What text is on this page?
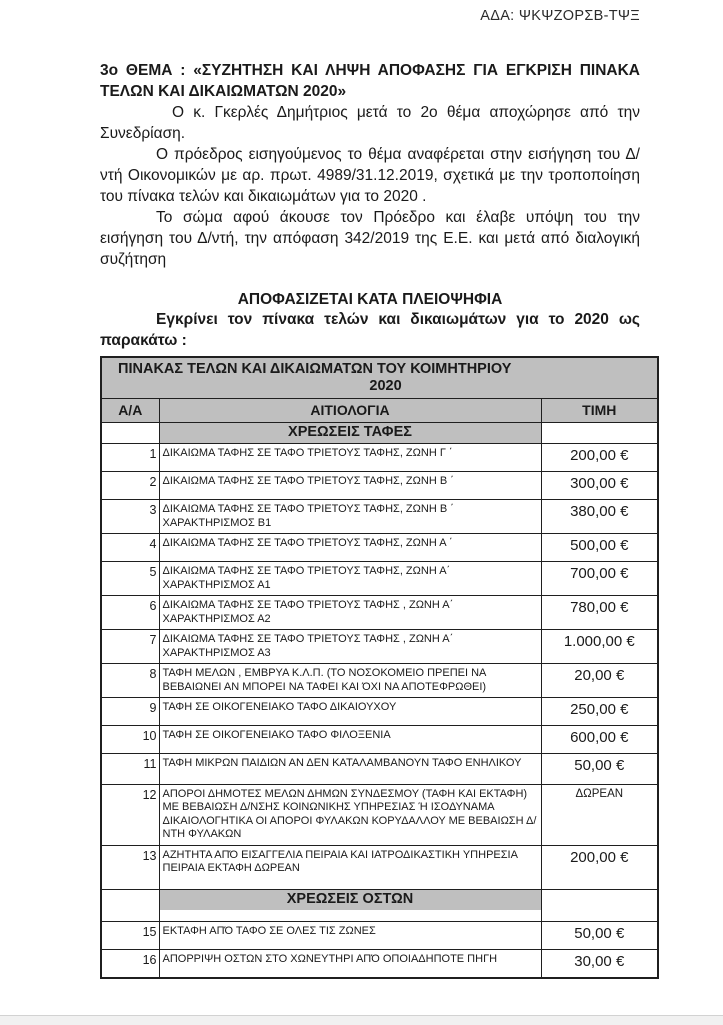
ΑΔΑ: ΨΚΨΖΟΡΣΒ-ΤΨΞ
3ο ΘΕΜΑ : «ΣΥΖΗΤΗΣΗ ΚΑΙ ΛΗΨΗ ΑΠΟΦΑΣΗΣ ΓΙΑ ΕΓΚΡΙΣΗ ΠΙΝΑΚΑ ΤΕΛΩΝ ΚΑΙ ΔΙΚΑΙΩΜΑΤΩΝ 2020»

Ο κ. Γκερλές Δημήτριος μετά το 2ο θέμα αποχώρησε από την Συνεδρίαση.

Ο πρόεδρος εισηγούμενος το θέμα αναφέρεται στην εισήγηση του Δ/ντή Οικονομικών με αρ. πρωτ. 4989/31.12.2019, σχετικά με την τροποποίηση του πίνακα τελών και δικαιωμάτων για το 2020 .

Το σώμα αφού άκουσε τον Πρόεδρο και έλαβε υπόψη του την εισήγηση του Δ/ντή, την απόφαση 342/2019 της Ε.Ε. και μετά από διαλογική συζήτηση

ΑΠΟΦΑΣΙΖΕΤΑΙ ΚΑΤΑ ΠΛΕΙΟΨΗΦΙΑ

Εγκρίνει τον πίνακα τελών και δικαιωμάτων για το 2020 ως παρακάτω :

ΠΙΝΑΚΑΣ ΤΕΛΩΝ ΚΑΙ ΔΙΚΑΙΩΜΑΤΩΝ ΤΟΥ ΚΟΙΜΗΤΗΡΙΟΥ
2020		

Α/Α	ΑΙΤΙΟΛΟΓΙΑ	ΤΙΜΗ
	ΧΡΕΩΣΕΙΣ ΤΑΦΕΣ	
1	ΔΙΚΑΙΩΜΑ ΤΑΦΗΣ ΣΕ ΤΑΦΟ ΤΡΙΕΤΟΥΣ ΤΑΦΗΣ, ΖΩΝΗ Γ ΄	200,00 €
2	ΔΙΚΑΙΩΜΑ ΤΑΦΗΣ ΣΕ ΤΑΦΟ ΤΡΙΕΤΟΥΣ ΤΑΦΗΣ, ΖΩΝΗ Β ΄	300,00 €
3	ΔΙΚΑΙΩΜΑ ΤΑΦΗΣ ΣΕ ΤΑΦΟ ΤΡΙΕΤΟΥΣ ΤΑΦΗΣ, ΖΩΝΗ Β ΄ ΧΑΡΑΚΤΗΡΙΣΜΟΣ Β1	380,00 €
4	ΔΙΚΑΙΩΜΑ ΤΑΦΗΣ ΣΕ ΤΑΦΟ ΤΡΙΕΤΟΥΣ ΤΑΦΗΣ, ΖΩΝΗ Α ΄	500,00 €
5	ΔΙΚΑΙΩΜΑ ΤΑΦΗΣ ΣΕ ΤΑΦΟ ΤΡΙΕΤΟΥΣ ΤΑΦΗΣ, ΖΩΝΗ Α΄ ΧΑΡΑΚΤΗΡΙΣΜΟΣ Α1	700,00 €
6	ΔΙΚΑΙΩΜΑ ΤΑΦΗΣ ΣΕ ΤΑΦΟ ΤΡΙΕΤΟΥΣ ΤΑΦΗΣ , ΖΩΝΗ Α΄ ΧΑΡΑΚΤΗΡΙΣΜΟΣ Α2	780,00 €
7	ΔΙΚΑΙΩΜΑ ΤΑΦΗΣ ΣΕ ΤΑΦΟ ΤΡΙΕΤΟΥΣ ΤΑΦΗΣ , ΖΩΝΗ Α΄ ΧΑΡΑΚΤΗΡΙΣΜΟΣ Α3	1.000,00 €
8	ΤΑΦΗ ΜΕΛΩΝ , ΕΜΒΡΥΑ Κ.Λ.Π. (ΤΟ ΝΟΣΟΚΟΜΕΙΟ ΠΡΕΠΕΙ ΝΑ ΒΕΒΑΙΩΝΕΙ ΑΝ ΜΠΟΡΕΙ ΝΑ ΤΑΦΕΙ ΚΑΙ ΌΧΙ ΝΑ ΑΠΟΤΕΦΡΩΘΕΙ)	20,00 €
9	ΤΑΦΗ ΣΕ ΟΙΚΟΓΕΝΕΙΑΚΟ ΤΑΦΟ ΔΙΚΑΙΟΥΧΟΥ	250,00 €
10	ΤΑΦΗ ΣΕ ΟΙΚΟΓΕΝΕΙΑΚΟ ΤΑΦΟ ΦΙΛΟΞΕΝΙΑ	600,00 €
11	ΤΑΦΗ ΜΙΚΡΩΝ ΠΑΙΔΙΩΝ ΑΝ ΔΕΝ ΚΑΤΑΛΑΜΒΑΝΟΥΝ ΤΑΦΟ ΕΝΗΛΙΚΟΥ	50,00 €
12	ΑΠΟΡΟΙ ΔΗΜΟΤΕΣ ΜΕΛΩΝ ΔΗΜΩΝ ΣΥΝΔΕΣΜΟΥ (ΤΑΦΗ ΚΑΙ ΕΚΤΑΦΗ) ΜΕ ΒΕΒΑΙΩΣΗ Δ/ΝΣΗΣ ΚΟΙΝΩΝΙΚΗΣ ΥΠΗΡΕΣΙΑΣ Ή ΙΣΟΔΥΝΑΜΑ ΔΙΚΑΙΟΛΟΓΗΤΙΚΑ ΟΙ ΑΠΟΡΟΙ ΦΥΛΑΚΩΝ ΚΟΡΥΔΑΛΛΟΥ ΜΕ ΒΕΒΑΙΩΣΗ Δ/ΝΤΗ ΦΥΛΑΚΩΝ	ΔΩΡΕΑΝ
13	ΑΖΗΤΗΤΑ ΑΠΌ ΕΙΣΑΓΓΕΛΙΑ ΠΕΙΡΑΙΑ ΚΑΙ ΙΑΤΡΟΔΙΚΑΣΤΙΚΗ ΥΠΗΡΕΣΙΑ ΠΕΙΡΑΙΑ ΕΚΤΑΦΗ ΔΩΡΕΑΝ	200,00 €

	ΧΡΕΩΣΕΙΣ ΟΣΤΩΝ	

15	ΕΚΤΑΦΗ ΑΠΌ ΤΑΦΟ ΣΕ ΟΛΕΣ ΤΙΣ ΖΩΝΕΣ	50,00 €
16	ΑΠΟΡΡΙΨΗ ΟΣΤΩΝ ΣΤΟ ΧΩΝΕΥΤΗΡΙ ΑΠΌ ΟΠΟΙΑΔΗΠΟΤΕ ΠΗΓΗ	30,00 €
